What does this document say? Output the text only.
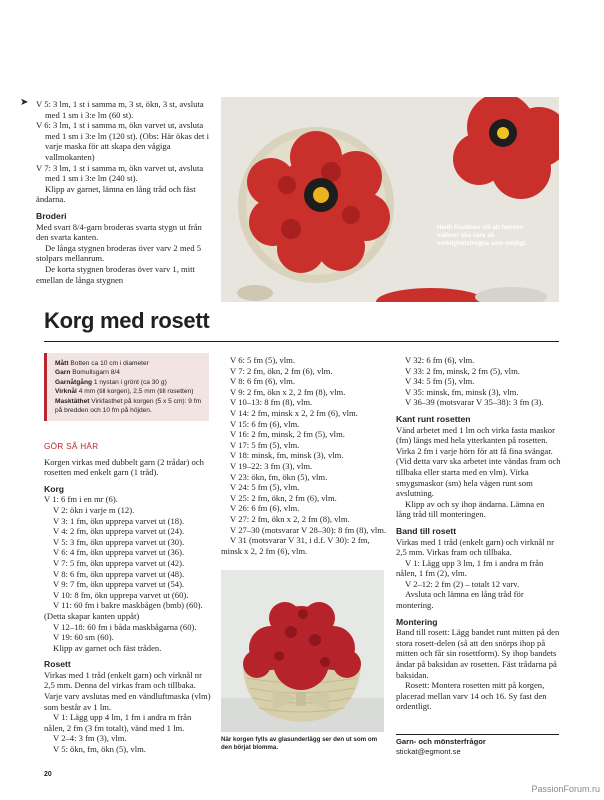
➤ V 5: 3 lm, 1 st i samma m, 3 st, ökn, 3 st, avsluta med 1 sm i 3:e lm (60 st).

V 6: 3 lm, 1 st i samma m, ökn varvet ut, avsluta med 1 sm i 3:e lm (120 st). (Obs: Här ökas det i varje maska för att skapa den vågiga vallmokanten)

V 7: 3 lm, 1 st i samma m, ökn varvet ut, avsluta med 1 sm i 3:e lm (240 st).

Klipp av garnet, lämna en lång tråd och fäst ändarna.

Broderi

Med svart 8/4-garn broderas svarta stygn ut från den svarta kanten.

De långa stygnen broderas över varv 2 med 5 stolpars mellanrum.

De korta stygnen broderas över varv 1, mitt emellan de långa stygnen

Heidi Knudsen vill att hennes vallmor ska vara så verklighetstrogna som möjligt.
Korg med rosett
Mått Botten ca 10 cm i diameter
Garn Bomullsgarn 8/4
Garnåtgång 1 nystan i grönt (ca 30 g)
Virknål 4 mm (till korgen), 2,5 mm (till rosetten)
Masktäthet Virkfasthet på korgen (5 x 5 cm): 9 fm på bredden och 10 fm på höjden.
GÖR SÅ HÄR

Korgen virkas med dubbelt garn (2 trådar) och rosetten med enkelt garn (1 tråd).

Korg

V 1: 6 fm i en mr (6).

V 2: ökn i varje m (12).

V 3: 1 fm, ökn upprepa varvet ut (18).

V 4: 2 fm, ökn upprepa varvet ut (24).

V 5: 3 fm, ökn upprepa varvet ut (30).

V 6: 4 fm, ökn upprepa varvet ut (36).

V 7: 5 fm, ökn upprepa varvet ut (42).

V 8: 6 fm, ökn upprepa varvet ut (48).

V 9: 7 fm, ökn upprepa varvet ut (54).

V 10: 8 fm, ökn upprepa varvet ut (60).

V 11: 60 fm i bakre maskbågen (bmb) (60). (Detta skapar kanten uppåt)

V 12–18: 60 fm i båda maskbågarna (60).

V 19: 60 sm (60).

Klipp av garnet och fäst tråden.

Rosett

Virkas med 1 tråd (enkelt garn) och virknål nr 2,5 mm. Denna del virkas fram och tillbaka. Varje varv avslutas med en vändluftmaska (vlm) som består av 1 lm.

V 1: Lägg upp 4 lm, 1 fm i andra m från nålen, 2 fm (3 fm totalt), vänd med 1 lm.

V 2–4: 3 fm (3), vlm.

V 5: ökn, fm, ökn (5), vlm.

V 6: 5 fm (5), vlm.

V 7: 2 fm, ökn, 2 fm (6), vlm.

V 8: 6 fm (6), vlm.

V 9: 2 fm, ökn x 2, 2 fm (8), vlm.

V 10–13: 8 fm (8), vlm.

V 14: 2 fm, minsk x 2, 2 fm (6), vlm.

V 15: 6 fm (6), vlm.

V 16: 2 fm, minsk, 2 fm (5), vlm.

V 17: 5 fm (5), vlm.

V 18: minsk, fm, minsk (3), vlm.

V 19–22: 3 fm (3), vlm.

V 23: ökn, fm, ökn (5), vlm.

V 24: 5 fm (5), vlm.

V 25: 2 fm, ökn, 2 fm (6), vlm.

V 26: 6 fm (6), vlm.

V 27: 2 fm, ökn x 2, 2 fm (8), vlm.

V 27–30 (motsvarar V 28–30): 8 fm (8), vlm.

V 31 (motsvarar V 31, i d.f. V 30): 2 fm, minsk x 2, 2 fm (6), vlm.

När korgen fylls av glasunderlägg ser den ut som om den börjat blomma.

V 32: 6 fm (6), vlm.

V 33: 2 fm, minsk, 2 fm (5), vlm.

V 34: 5 fm (5), vlm.

V 35: minsk, fm, minsk (3), vlm.

V 36–39 (motsvarar V 35–38): 3 fm (3).

Kant runt rosetten

Vänd arbetet med 1 lm och virka fasta maskor (fm) längs med hela ytterkanten på rosetten. Virka 2 fm i varje hörn för att få fina svängar. (Vid detta varv ska arbetet inte vändas fram och tillbaka eller starta med en vlm). Virka smygsmaskor (sm) hela vägen runt som avslutning.

Klipp av och sy ihop ändarna. Lämna en lång tråd till monteringen.

Band till rosett

Virkas med 1 tråd (enkelt garn) och virknål nr 2,5 mm. Virkas fram och tillbaka.

V 1: Lägg upp 3 lm, 1 fm i andra m från nålen, 1 fm (2), vlm.

V 2–12: 2 fm (2) – totalt 12 varv.

Avsluta och lämna en lång tråd för montering.

Montering

Band till rosett: Lägg bandet runt mitten på den stora rosett-delen (så att den snörps ihop på mitten och får sin rosettform). Sy ihop bandets ändar på baksidan av rosetten. Fäst trådarna på baksidan.

Rosett: Montera rosetten mitt på korgen, placerad mellan varv 14 och 16. Sy fast den ordentligt.

Garn- och mönsterfrågor
stickat@egmont.se
20
PassionForum.ru
